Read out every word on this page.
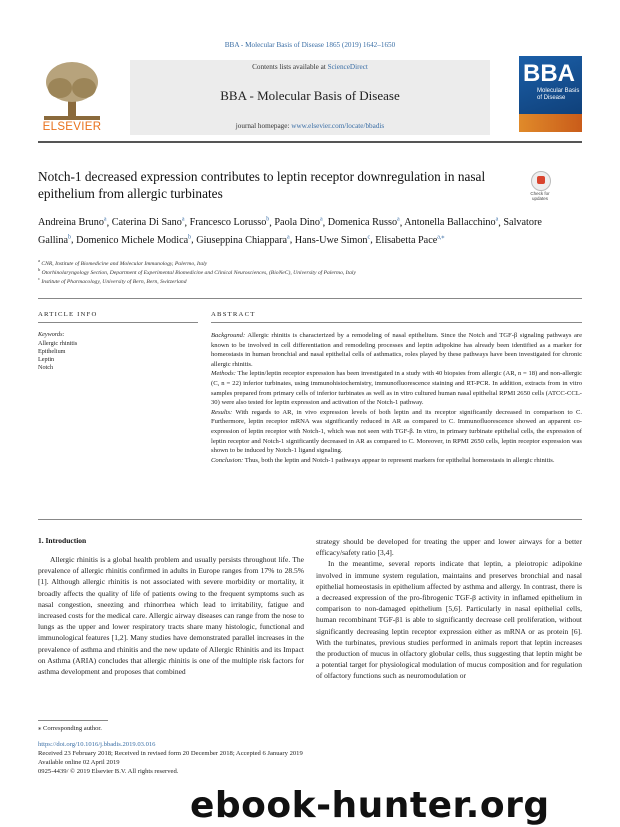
BBA - Molecular Basis of Disease 1865 (2019) 1642–1650
Contents lists available at ScienceDirect
BBA - Molecular Basis of Disease
journal homepage: www.elsevier.com/locate/bbadis
ELSEVIER
BBA
Molecular Basis of Disease
Notch-1 decreased expression contributes to leptin receptor downregulation in nasal epithelium from allergic turbinates	Check for updates
Andreina Bruno$^a$, Caterina Di Sano$^a$, Francesco Lorusso$^b$, Paola Dino$^a$, Domenica Russo$^a$, Antonella Ballacchino$^a$, Salvatore Gallina$^b$, Domenico Michele Modica$^b$, Giuseppina Chiappara$^a$, Hans-Uwe Simon$^c$, Elisabetta Pace$^{a,⁎}$
$^a$ CNR, Institute of Biomedicine and Molecular Immunology, Palermo, Italy
$^b$ Otorhinolaryngology Section, Department of Experimental Biomedicine and Clinical Neurosciences, (BioNeC), University of Palermo, Italy
$^c$ Institute of Pharmacology, University of Bern, Bern, Switzerland
ARTICLE INFO
Keywords:
Allergic rhinitis
Epithelium
Leptin
Notch
ABSTRACT

Background: Allergic rhinitis is characterized by a remodeling of nasal epithelium. Since the Notch and TGF-β signaling pathways are known to be involved in cell differentiation and remodeling processes and leptin adipokine has already been identified as a marker for homeostasis in human bronchial and nasal epithelial cells of asthmatics, roles played by these pathways have been investigated for chronic allergic rhinitis.

Methods: The leptin/leptin receptor expression has been investigated in a study with 40 biopsies from allergic (AR, n = 18) and non-allergic (C, n = 22) inferior turbinates, using immunohistochemistry, immunofluorescence staining and RT-PCR. In addition, extracts from in vitro samples prepared from primary cells of inferior turbinates as well as in vitro cultured human nasal epithelial RPMI 2650 cells (ATCC-CCL-30) were also tested for leptin expression and activation of the Notch-1 pathway.

Results: With regards to AR, in vivo expression levels of both leptin and its receptor significantly decreased in comparison to C. Furthermore, leptin receptor mRNA was significantly reduced in AR as compared to C. Immunofluorescence showed an apparent co-expression of leptin receptor with Notch-1, which was not seen with TGF-β. In vitro, in primary turbinate epithelial cells, the expression of leptin receptor and Notch-1 significantly decreased in AR as compared to C. Moreover, in RPMI 2650 cells, leptin receptor expression was shown to be induced by Notch-1 ligand signaling.

Conclusion: Thus, both the leptin and Notch-1 pathways appear to represent markers for epithelial homeostasis in allergic rhinitis.

1. Introduction

Allergic rhinitis is a global health problem and usually persists throughout life. The prevalence of allergic rhinitis confirmed in adults in Europe ranges from 17% to 28.5% [1]. Although allergic rhinitis is not associated with severe morbidity or mortality, it broadly affects the quality of life of patients owing to the frequent symptoms such as nasal congestion, sneezing and rhinorrhea which lead to irritability, fatigue and increased costs for the medical care. Allergic airway diseases can range from the nose to lungs as the upper and lower respiratory tracts share many histologic, functional and immunological features [1,2]. Many studies have demonstrated parallel increases in the prevalence of asthma and rhinitis and the new update of Allergic Rhinitis and its Impact on Asthma (ARIA) concludes that allergic rhinitis is one of the multiple risk factors for asthma development and proposes that combined

strategy should be developed for treating the upper and lower airways for a better efficacy/safety ratio [3,4].

In the meantime, several reports indicate that leptin, a pleiotropic adipokine involved in immune system regulation, maintains and preserves bronchial and nasal epithelial homeostasis in epithelium affected by asthma and allergy. In contrast, there is a decreased expression of the pro-fibrogenic TGF-β activity in inflamed epithelium in comparison to non-damaged epithelium [5,6]. Particularly in nasal epithelial cells, human recombinant TGF-β1 is able to significantly decrease cell proliferation, without significantly decreasing leptin receptor expression either as mRNA or as protein [6]. With the turbinates, previous studies performed in animals report that leptin increases the production of mucus in olfactory globular cells, thus suggesting that leptin might be a potential target for physiological modulation of mucus composition and for regulation of olfactory functions such as neuromodulation or

⁎ Corresponding author.
https://doi.org/10.1016/j.bbadis.2019.03.016
Received 23 February 2018; Received in revised form 20 December 2018; Accepted 6 January 2019
Available online 02 April 2019
0925-4439/ © 2019 Elsevier B.V. All rights reserved.
ebook-hunter.org
